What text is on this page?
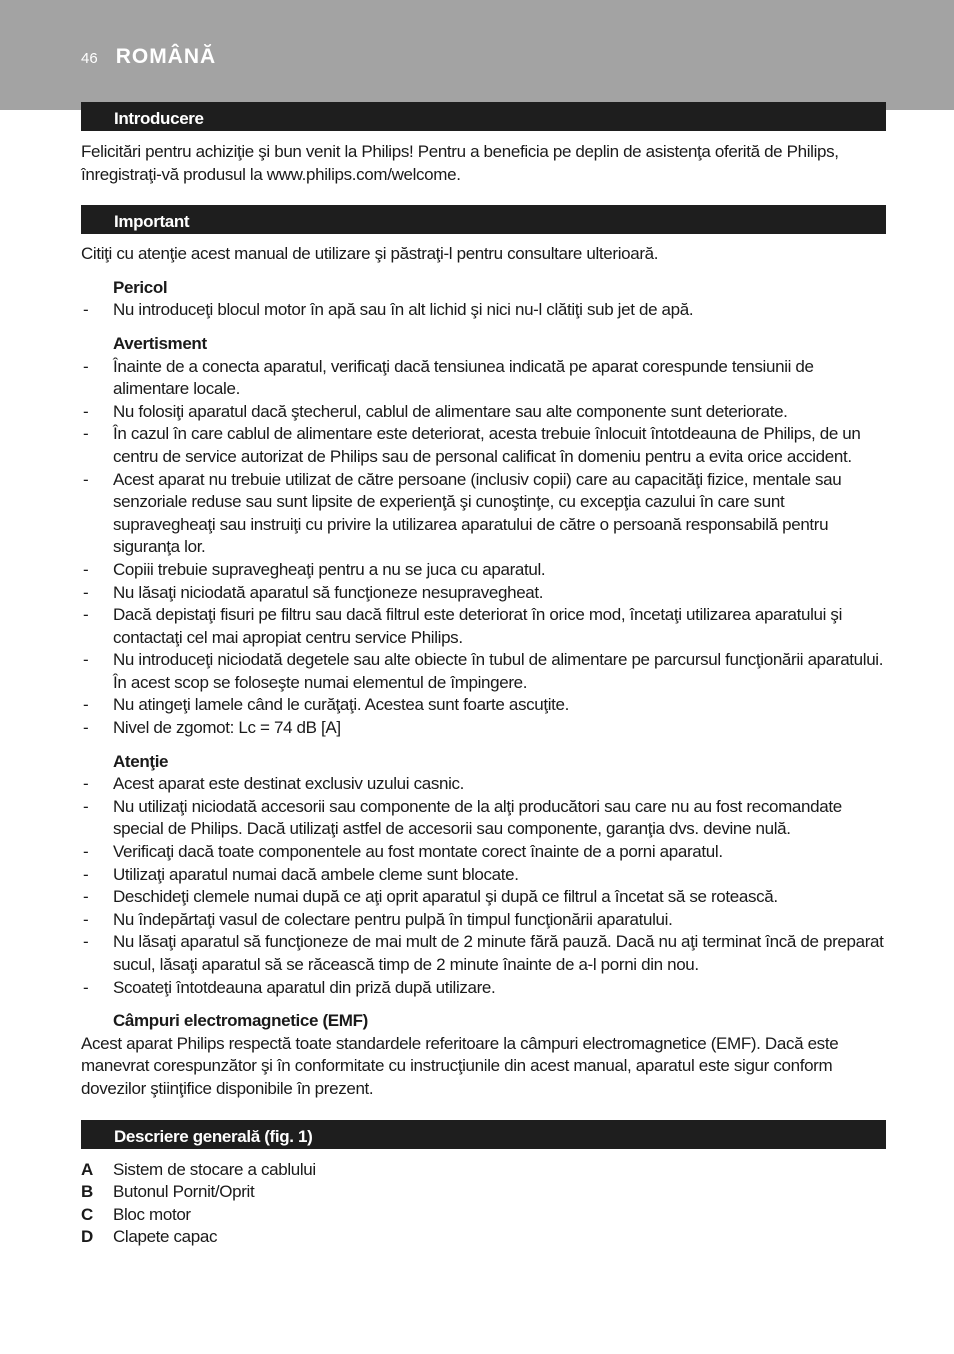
46 ROMÂNĂ
Introducere

Felicitări pentru achiziţie şi bun venit la Philips! Pentru a beneficia pe deplin de asistenţa oferită de Philips, înregistraţi-vă produsul la www.philips.com/welcome.

Important

Citiţi cu atenţie acest manual de utilizare şi păstraţi-l pentru consultare ulterioară.

Pericol
- Nu introduceţi blocul motor în apă sau în alt lichid şi nici nu-l clătiţi sub jet de apă.
Avertisment
- Înainte de a conecta aparatul, verificaţi dacă tensiunea indicată pe aparat corespunde tensiunii de alimentare locale.
- Nu folosiţi aparatul dacă ştecherul, cablul de alimentare sau alte componente sunt deteriorate.
- În cazul în care cablul de alimentare este deteriorat, acesta trebuie înlocuit întotdeauna de Philips, de un centru de service autorizat de Philips sau de personal calificat în domeniu pentru a evita orice accident.
- Acest aparat nu trebuie utilizat de către persoane (inclusiv copii) care au capacităţi fizice, mentale sau senzoriale reduse sau sunt lipsite de experienţă şi cunoştinţe, cu excepţia cazului în care sunt supravegheaţi sau instruiţi cu privire la utilizarea aparatului de către o persoană responsabilă pentru siguranţa lor.
- Copiii trebuie supravegheaţi pentru a nu se juca cu aparatul.
- Nu lăsaţi niciodată aparatul să funcţioneze nesupravegheat.
- Dacă depistaţi fisuri pe filtru sau dacă filtrul este deteriorat în orice mod, încetaţi utilizarea aparatului şi contactaţi cel mai apropiat centru service Philips.
- Nu introduceţi niciodată degetele sau alte obiecte în tubul de alimentare pe parcursul funcţionării aparatului. În acest scop se foloseşte numai elementul de împingere.
- Nu atingeţi lamele când le curăţaţi. Acestea sunt foarte ascuţite.
- Nivel de zgomot: Lc = 74 dB [A]
Atenţie
- Acest aparat este destinat exclusiv uzului casnic.
- Nu utilizaţi niciodată accesorii sau componente de la alţi producători sau care nu au fost recomandate special de Philips. Dacă utilizaţi astfel de accesorii sau componente, garanţia dvs. devine nulă.
- Verificaţi dacă toate componentele au fost montate corect înainte de a porni aparatul.
- Utilizaţi aparatul numai dacă ambele cleme sunt blocate.
- Deschideţi clemele numai după ce aţi oprit aparatul şi după ce filtrul a încetat să se rotească.
- Nu îndepărtaţi vasul de colectare pentru pulpă în timpul funcţionării aparatului.
- Nu lăsaţi aparatul să funcţioneze de mai mult de 2 minute fără pauză. Dacă nu aţi terminat încă de preparat sucul, lăsaţi aparatul să se răcească timp de 2 minute înainte de a-l porni din nou.
- Scoateţi întotdeauna aparatul din priză după utilizare.
Câmpuri electromagnetice (EMF)

Acest aparat Philips respectă toate standardele referitoare la câmpuri electromagnetice (EMF). Dacă este manevrat corespunzător şi în conformitate cu instrucţiunile din acest manual, aparatul este sigur conform dovezilor ştiinţifice disponibile în prezent.

Descriere generală (fig. 1)
A Sistem de stocare a cablului
B Butonul Pornit/Oprit
C Bloc motor
D Clapete capac
